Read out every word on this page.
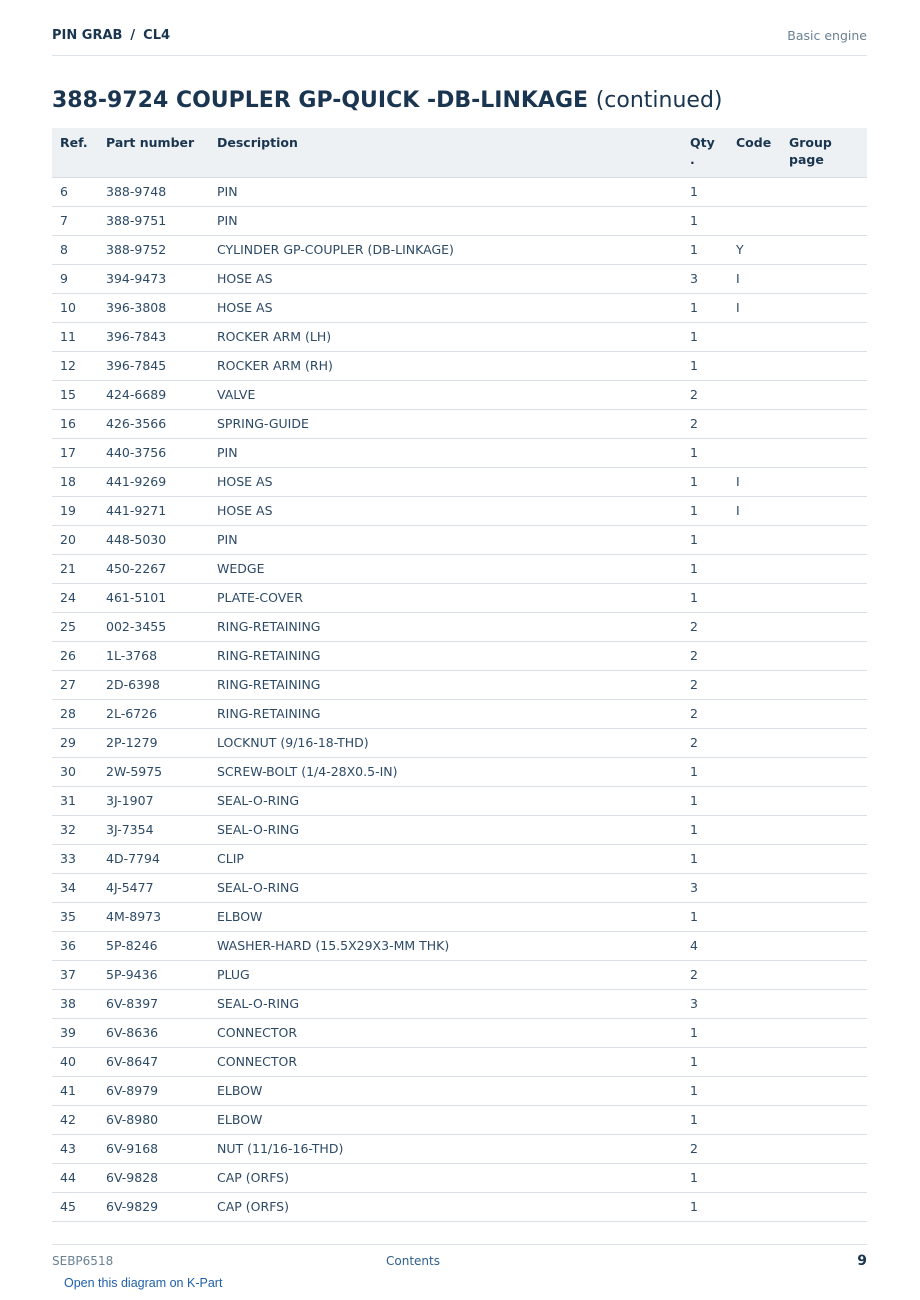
PIN GRAB / CL4	Basic engine
388-9724 COUPLER GP-QUICK -DB-LINKAGE (continued)
Ref.	Part number	Description	Qty .	Code	Group page

6	388-9748	PIN	1		
7	388-9751	PIN	1		
8	388-9752	CYLINDER GP-COUPLER (DB-LINKAGE)	1	Y	
9	394-9473	HOSE AS	3	I	
10	396-3808	HOSE AS	1	I	
11	396-7843	ROCKER ARM (LH)	1		
12	396-7845	ROCKER ARM (RH)	1		
15	424-6689	VALVE	2		
16	426-3566	SPRING-GUIDE	2		
17	440-3756	PIN	1		
18	441-9269	HOSE AS	1	I	
19	441-9271	HOSE AS	1	I	
20	448-5030	PIN	1		
21	450-2267	WEDGE	1		
24	461-5101	PLATE-COVER	1		
25	002-3455	RING-RETAINING	2		
26	1L-3768	RING-RETAINING	2		
27	2D-6398	RING-RETAINING	2		
28	2L-6726	RING-RETAINING	2		
29	2P-1279	LOCKNUT (9/16-18-THD)	2		
30	2W-5975	SCREW-BOLT (1/4-28X0.5-IN)	1		
31	3J-1907	SEAL-O-RING	1		
32	3J-7354	SEAL-O-RING	1		
33	4D-7794	CLIP	1		
34	4J-5477	SEAL-O-RING	3		
35	4M-8973	ELBOW	1		
36	5P-8246	WASHER-HARD (15.5X29X3-MM THK)	4		
37	5P-9436	PLUG	2		
38	6V-8397	SEAL-O-RING	3		
39	6V-8636	CONNECTOR	1		
40	6V-8647	CONNECTOR	1		
41	6V-8979	ELBOW	1		
42	6V-8980	ELBOW	1		
43	6V-9168	NUT (11/16-16-THD)	2		
44	6V-9828	CAP (ORFS)	1		
45	6V-9829	CAP (ORFS)	1		
SEBP6518	Contents	9
Open this diagram on K-Part
